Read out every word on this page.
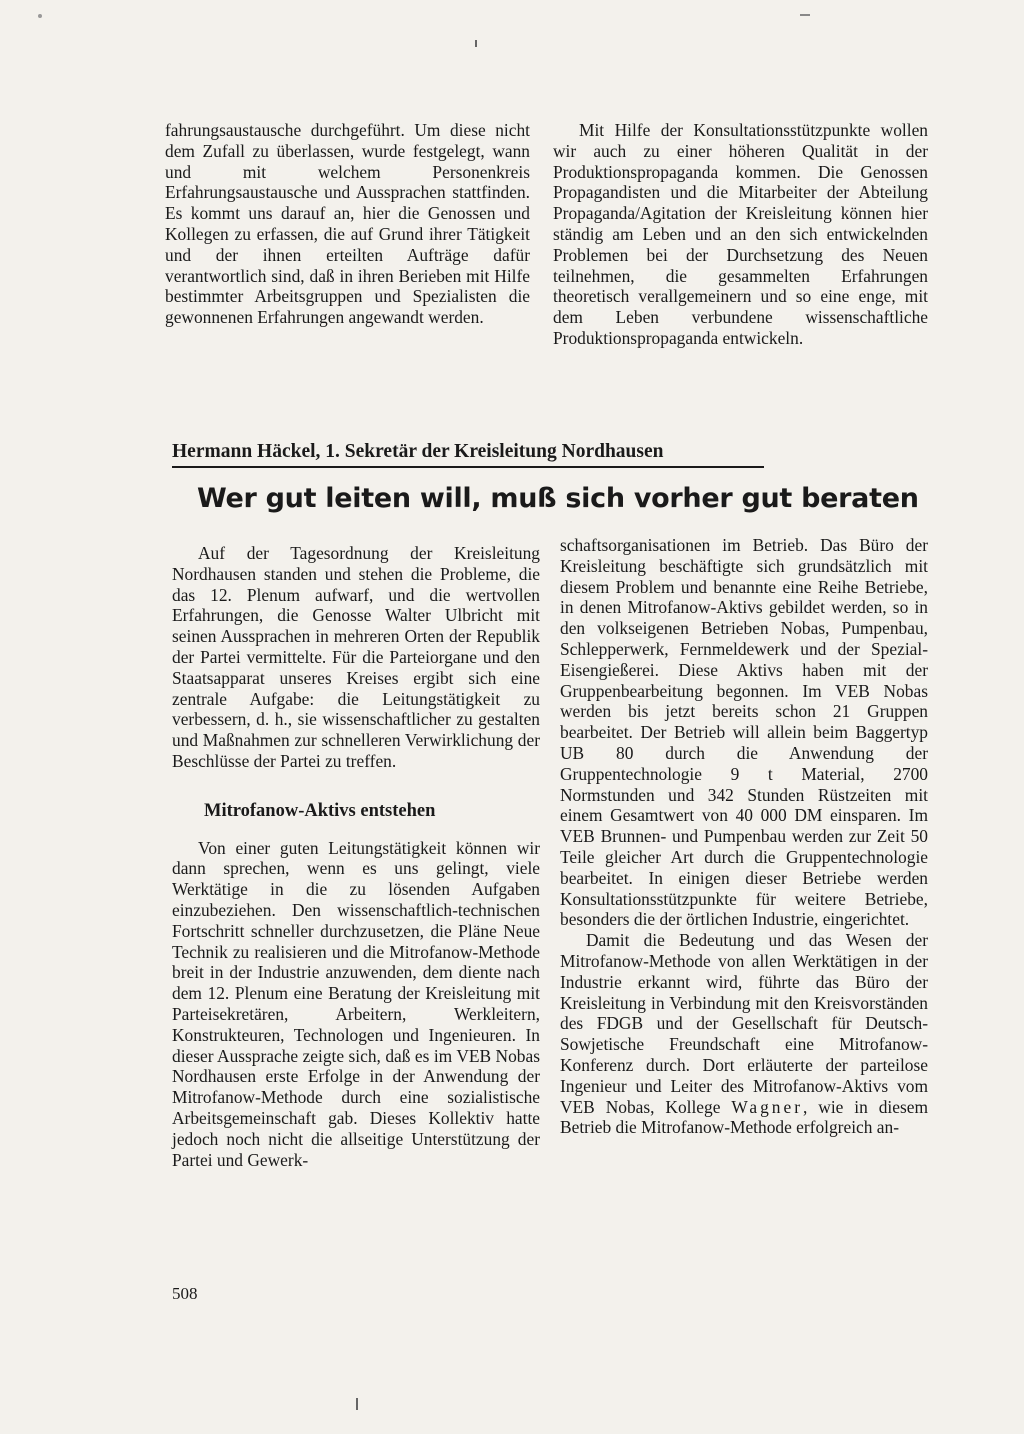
fahrungsaustausche durchgeführt. Um diese nicht dem Zufall zu überlassen, wurde festgelegt, wann und mit welchem Personenkreis Erfahrungsaustausche und Aussprachen stattfinden. Es kommt uns darauf an, hier die Genossen und Kollegen zu erfassen, die auf Grund ihrer Tätigkeit und der ihnen erteilten Aufträge dafür verantwortlich sind, daß in ihren Berieben mit Hilfe bestimmter Arbeitsgruppen und Spezialisten die gewonnenen Erfahrungen angewandt werden.

Mit Hilfe der Konsultationsstützpunkte wollen wir auch zu einer höheren Qualität in der Produktionspropaganda kommen. Die Genossen Propagandisten und die Mitarbeiter der Abteilung Propaganda/Agitation der Kreisleitung können hier ständig am Leben und an den sich entwickelnden Problemen bei der Durchsetzung des Neuen teilnehmen, die gesammelten Erfahrungen theoretisch verallgemeinern und so eine enge, mit dem Leben verbundene wissenschaftliche Produktionspropaganda entwickeln.

Hermann Häckel, 1. Sekretär der Kreisleitung Nordhausen
Wer gut leiten will, muß sich vorher gut beraten

Auf der Tagesordnung der Kreisleitung Nordhausen standen und stehen die Probleme, die das 12. Plenum aufwarf, und die wertvollen Erfahrungen, die Genosse Walter Ulbricht mit seinen Aussprachen in mehreren Orten der Republik der Partei vermittelte. Für die Parteiorgane und den Staatsapparat unseres Kreises ergibt sich eine zentrale Aufgabe: die Leitungstätigkeit zu verbessern, d. h., sie wissenschaftlicher zu gestalten und Maßnahmen zur schnelleren Verwirklichung der Beschlüsse der Partei zu treffen.

Mitrofanow-Aktivs entstehen

Von einer guten Leitungstätigkeit können wir dann sprechen, wenn es uns gelingt, viele Werktätige in die zu lösenden Aufgaben einzubeziehen. Den wissenschaftlich-technischen Fortschritt schneller durchzusetzen, die Pläne Neue Technik zu realisieren und die Mitrofanow-Methode breit in der Industrie anzuwenden, dem diente nach dem 12. Plenum eine Beratung der Kreisleitung mit Parteisekretären, Arbeitern, Werkleitern, Konstrukteuren, Technologen und Ingenieuren. In dieser Aussprache zeigte sich, daß es im VEB Nobas Nordhausen erste Erfolge in der Anwendung der Mitrofanow-Methode durch eine sozialistische Arbeitsgemeinschaft gab. Dieses Kollektiv hatte jedoch noch nicht die allseitige Unterstützung der Partei und Gewerk-

schaftsorganisationen im Betrieb. Das Büro der Kreisleitung beschäftigte sich grundsätzlich mit diesem Problem und benannte eine Reihe Betriebe, in denen Mitrofanow-Aktivs gebildet werden, so in den volkseigenen Betrieben Nobas, Pumpenbau, Schlepperwerk, Fernmeldewerk und der Spezial-Eisengießerei. Diese Aktivs haben mit der Gruppenbearbeitung begonnen. Im VEB Nobas werden bis jetzt bereits schon 21 Gruppen bearbeitet. Der Betrieb will allein beim Baggertyp UB 80 durch die Anwendung der Gruppentechnologie 9 t Material, 2700 Normstunden und 342 Stunden Rüstzeiten mit einem Gesamtwert von 40 000 DM einsparen. Im VEB Brunnen- und Pumpenbau werden zur Zeit 50 Teile gleicher Art durch die Gruppentechnologie bearbeitet. In einigen dieser Betriebe werden Konsultationsstützpunkte für weitere Betriebe, besonders die der örtlichen Industrie, eingerichtet.

Damit die Bedeutung und das Wesen der Mitrofanow-Methode von allen Werktätigen in der Industrie erkannt wird, führte das Büro der Kreisleitung in Verbindung mit den Kreisvorständen des FDGB und der Gesellschaft für Deutsch-Sowjetische Freundschaft eine Mitrofanow-Konferenz durch. Dort erläuterte der parteilose Ingenieur und Leiter des Mitrofanow-Aktivs vom VEB Nobas, Kollege Wagner, wie in diesem Betrieb die Mitrofanow-Methode erfolgreich an-

508
